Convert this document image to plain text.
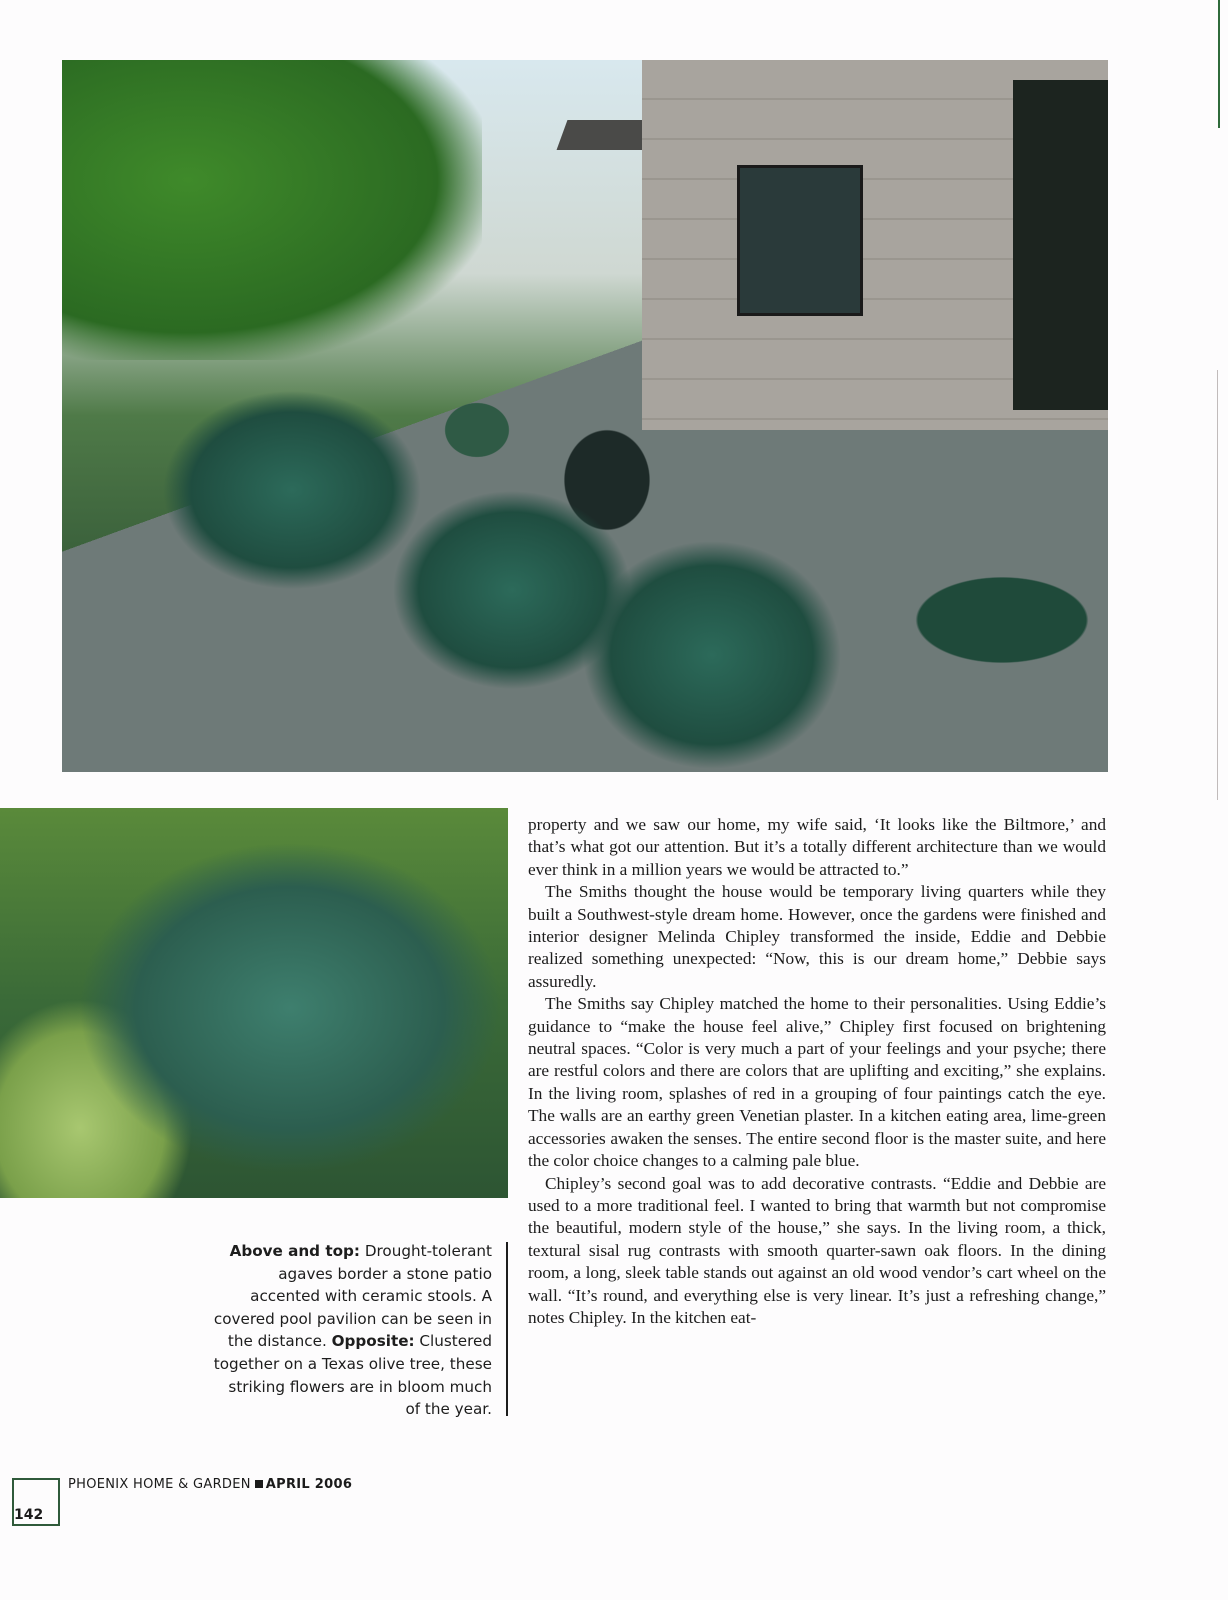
property and we saw our home, my wife said, ‘It looks like the Biltmore,’ and that’s what got our attention. But it’s a totally different architecture than we would ever think in a million years we would be attracted to.”

The Smiths thought the house would be temporary living quarters while they built a Southwest-style dream home. However, once the gardens were finished and interior designer Melinda Chipley transformed the inside, Eddie and Debbie realized something unexpected: “Now, this is our dream home,” Debbie says assuredly.

The Smiths say Chipley matched the home to their personalities. Using Eddie’s guidance to “make the house feel alive,” Chipley first focused on brightening neutral spaces. “Color is very much a part of your feelings and your psyche; there are restful colors and there are colors that are uplifting and exciting,” she explains. In the living room, splashes of red in a grouping of four paintings catch the eye. The walls are an earthy green Venetian plaster. In a kitchen eating area, lime-green accessories awaken the senses. The entire second floor is the master suite, and here the color choice changes to a calming pale blue.

Chipley’s second goal was to add decorative contrasts. “Eddie and Debbie are used to a more traditional feel. I wanted to bring that warmth but not compromise the beautiful, modern style of the house,” she says. In the living room, a thick, textural sisal rug contrasts with smooth quarter-sawn oak floors. In the dining room, a long, sleek table stands out against an old wood vendor’s cart wheel on the wall. “It’s round, and everything else is very linear. It’s just a refreshing change,” notes Chipley. In the kitchen eat-

Above and top: Drought-tolerant agaves border a stone patio accented with ceramic stools. A covered pool pavilion can be seen in the distance. Opposite: Clustered together on a Texas olive tree, these striking flowers are in bloom much of the year.
142
PHOENIX HOME & GARDEN APRIL 2006
